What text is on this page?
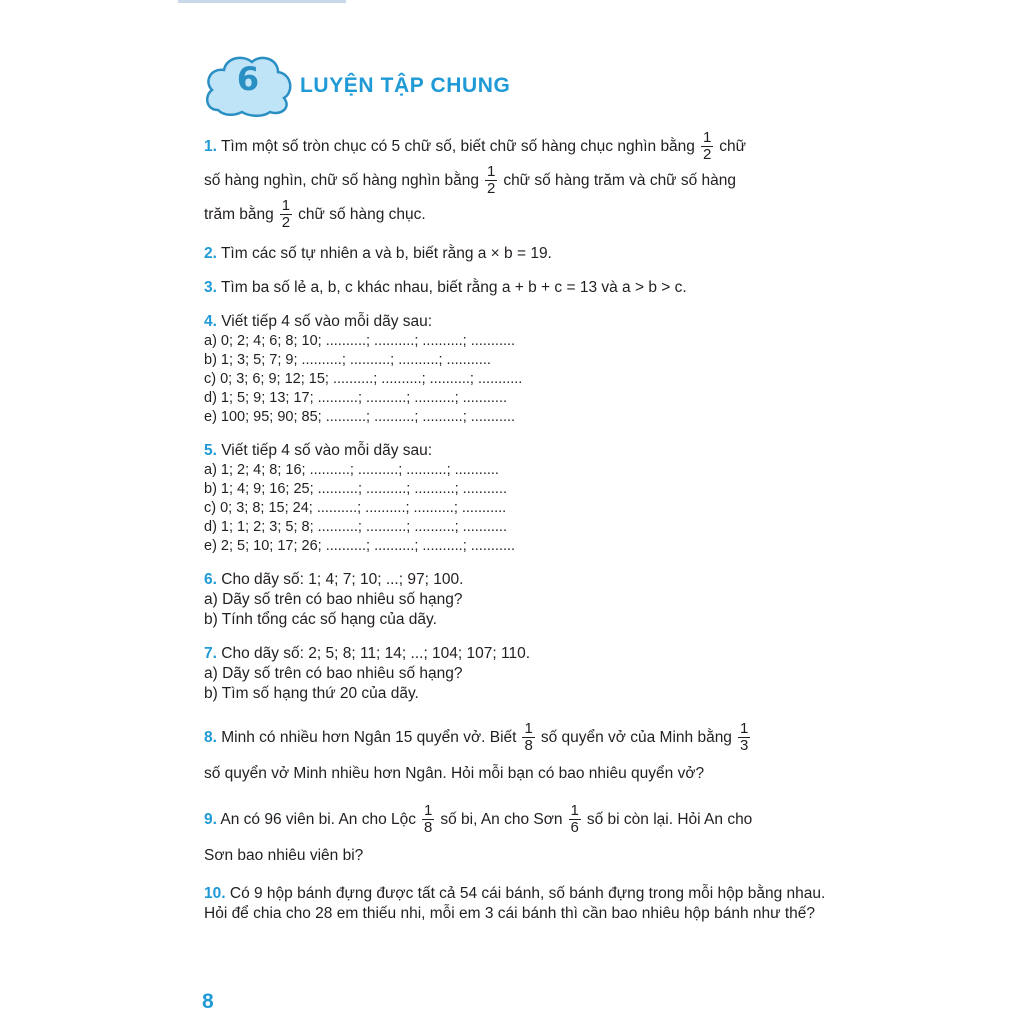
6	LUYỆN TẬP CHUNG
1. Tìm một số tròn chục có 5 chữ số, biết chữ số hàng chục nghìn bằng $\frac{1}{2}$ chữ
số hàng nghìn, chữ số hàng nghìn bằng $\frac{1}{2}$ chữ số hàng trăm và chữ số hàng
trăm bằng $\frac{1}{2}$ chữ số hàng chục.
2. Tìm các số tự nhiên a và b, biết rằng a × b = 19.
3. Tìm ba số lẻ a, b, c khác nhau, biết rằng a + b + c = 13 và a > b > c.
4. Viết tiếp 4 số vào mỗi dãy sau:
a) 0; 2; 4; 6; 8; 10; ..........; ..........; ..........; ...........
b) 1; 3; 5; 7; 9; ..........; ..........; ..........; ...........
c) 0; 3; 6; 9; 12; 15; ..........; ..........; ..........; ...........
d) 1; 5; 9; 13; 17; ..........; ..........; ..........; ...........
e) 100; 95; 90; 85; ..........; ..........; ..........; ...........
5. Viết tiếp 4 số vào mỗi dãy sau:
a) 1; 2; 4; 8; 16; ..........; ..........; ..........; ...........
b) 1; 4; 9; 16; 25; ..........; ..........; ..........; ...........
c) 0; 3; 8; 15; 24; ..........; ..........; ..........; ...........
d) 1; 1; 2; 3; 5; 8; ..........; ..........; ..........; ...........
e) 2; 5; 10; 17; 26; ..........; ..........; ..........; ...........
6. Cho dãy số: 1; 4; 7; 10; ...; 97; 100.
a) Dãy số trên có bao nhiêu số hạng?
b) Tính tổng các số hạng của dãy.
7. Cho dãy số: 2; 5; 8; 11; 14; ...; 104; 107; 110.
a) Dãy số trên có bao nhiêu số hạng?
b) Tìm số hạng thứ 20 của dãy.
8. Minh có nhiều hơn Ngân 15 quyển vở. Biết $\frac{1}{8}$ số quyển vở của Minh bằng $\frac{1}{3}$

số quyển vở Minh nhiều hơn Ngân. Hỏi mỗi bạn có bao nhiêu quyển vở?
9. An có 96 viên bi. An cho Lộc $\frac{1}{8}$ số bi, An cho Sơn $\frac{1}{6}$ số bi còn lại. Hỏi An cho
Sơn bao nhiêu viên bi?
10. Có 9 hộp bánh đựng được tất cả 54 cái bánh, số bánh đựng trong mỗi hộp bằng nhau. Hỏi để chia cho 28 em thiếu nhi, mỗi em 3 cái bánh thì cần bao nhiêu hộp bánh như thế?
8
